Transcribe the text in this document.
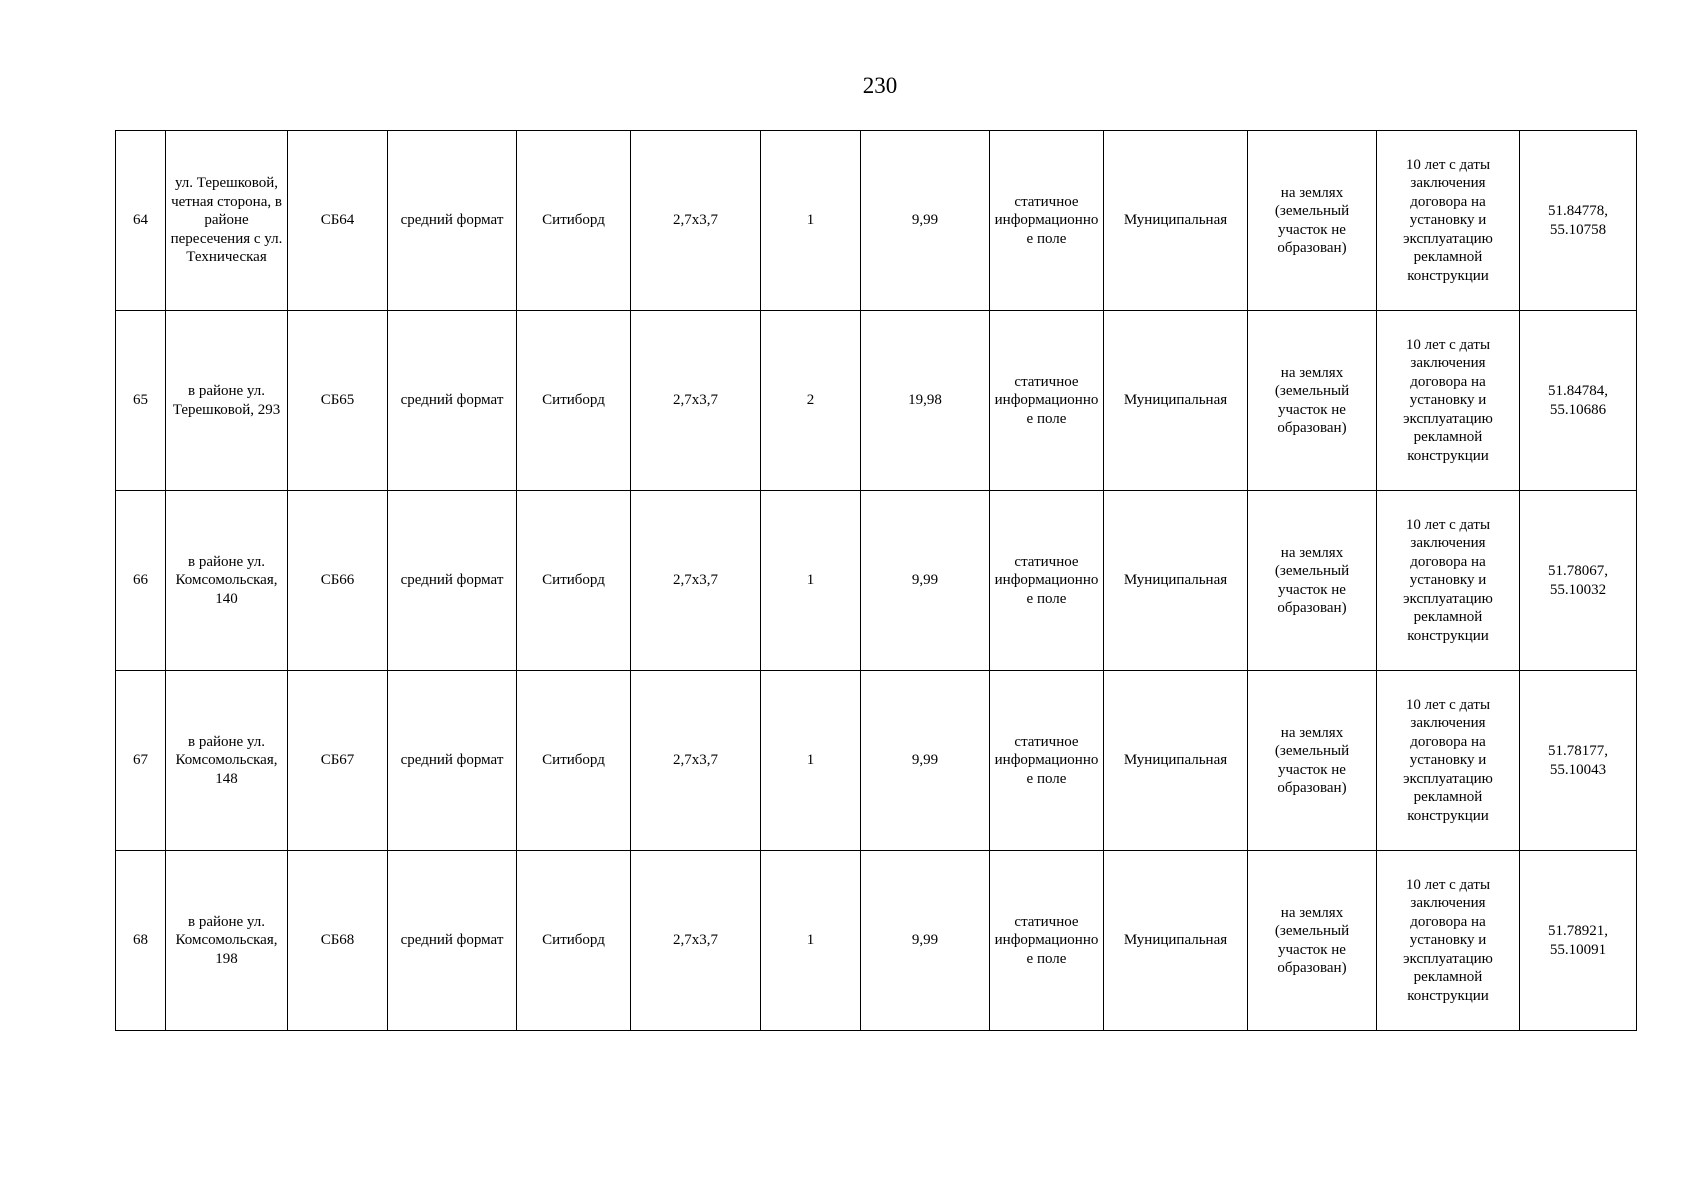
230
64	ул. Терешковой, четная сторона, в районе пересечения с ул. Техническая	СБ64	средний формат	Ситиборд	2,7x3,7	1	9,99	статичное информационное поле	Муниципальная	на землях (земельный участок не образован)	10 лет с даты заключения договора на установку и эксплуатацию рекламной конструкции	51.84778, 55.10758
65	в районе ул. Терешковой, 293	СБ65	средний формат	Ситиборд	2,7x3,7	2	19,98	статичное информационное поле	Муниципальная	на землях (земельный участок не образован)	10 лет с даты заключения договора на установку и эксплуатацию рекламной конструкции	51.84784, 55.10686
66	в районе ул. Комсомольская, 140	СБ66	средний формат	Ситиборд	2,7x3,7	1	9,99	статичное информационное поле	Муниципальная	на землях (земельный участок не образован)	10 лет с даты заключения договора на установку и эксплуатацию рекламной конструкции	51.78067, 55.10032
67	в районе ул. Комсомольская, 148	СБ67	средний формат	Ситиборд	2,7x3,7	1	9,99	статичное информационное поле	Муниципальная	на землях (земельный участок не образован)	10 лет с даты заключения договора на установку и эксплуатацию рекламной конструкции	51.78177, 55.10043
68	в районе ул. Комсомольская, 198	СБ68	средний формат	Ситиборд	2,7x3,7	1	9,99	статичное информационное поле	Муниципальная	на землях (земельный участок не образован)	10 лет с даты заключения договора на установку и эксплуатацию рекламной конструкции	51.78921, 55.10091
